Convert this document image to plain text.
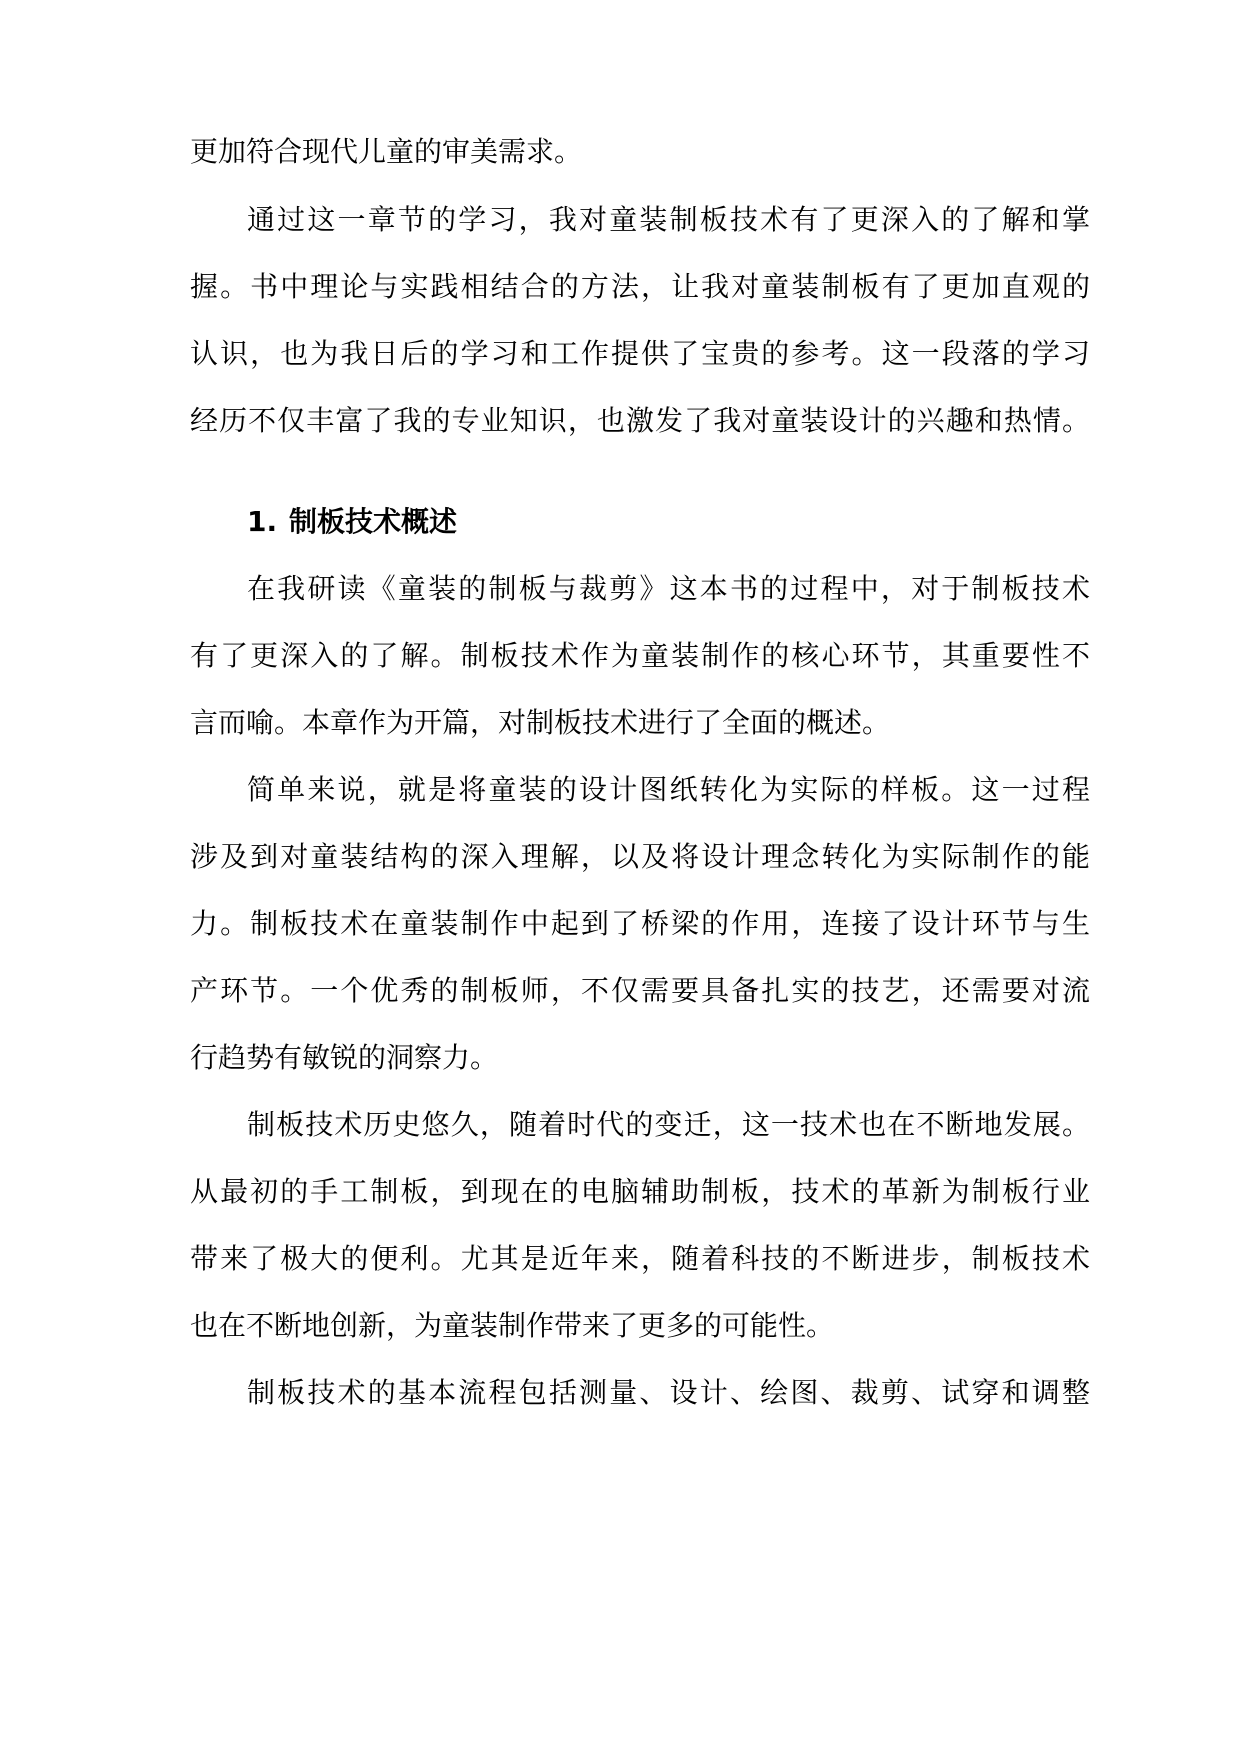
更加符合现代儿童的审美需求。
通过这一章节的学习，我对童装制板技术有了更深入的了解和掌
握。书中理论与实践相结合的方法，让我对童装制板有了更加直观的
认识，也为我日后的学习和工作提供了宝贵的参考。这一段落的学习
经历不仅丰富了我的专业知识，也激发了我对童装设计的兴趣和热情。
1. 制板技术概述
在我研读《童装的制板与裁剪》这本书的过程中，对于制板技术
有了更深入的了解。制板技术作为童装制作的核心环节，其重要性不
言而喻。本章作为开篇，对制板技术进行了全面的概述。
简单来说，就是将童装的设计图纸转化为实际的样板。这一过程
涉及到对童装结构的深入理解，以及将设计理念转化为实际制作的能
力。制板技术在童装制作中起到了桥梁的作用，连接了设计环节与生
产环节。一个优秀的制板师，不仅需要具备扎实的技艺，还需要对流
行趋势有敏锐的洞察力。
制板技术历史悠久，随着时代的变迁，这一技术也在不断地发展。
从最初的手工制板，到现在的电脑辅助制板，技术的革新为制板行业
带来了极大的便利。尤其是近年来，随着科技的不断进步，制板技术
也在不断地创新，为童装制作带来了更多的可能性。
制板技术的基本流程包括测量、设计、绘图、裁剪、试穿和调整
